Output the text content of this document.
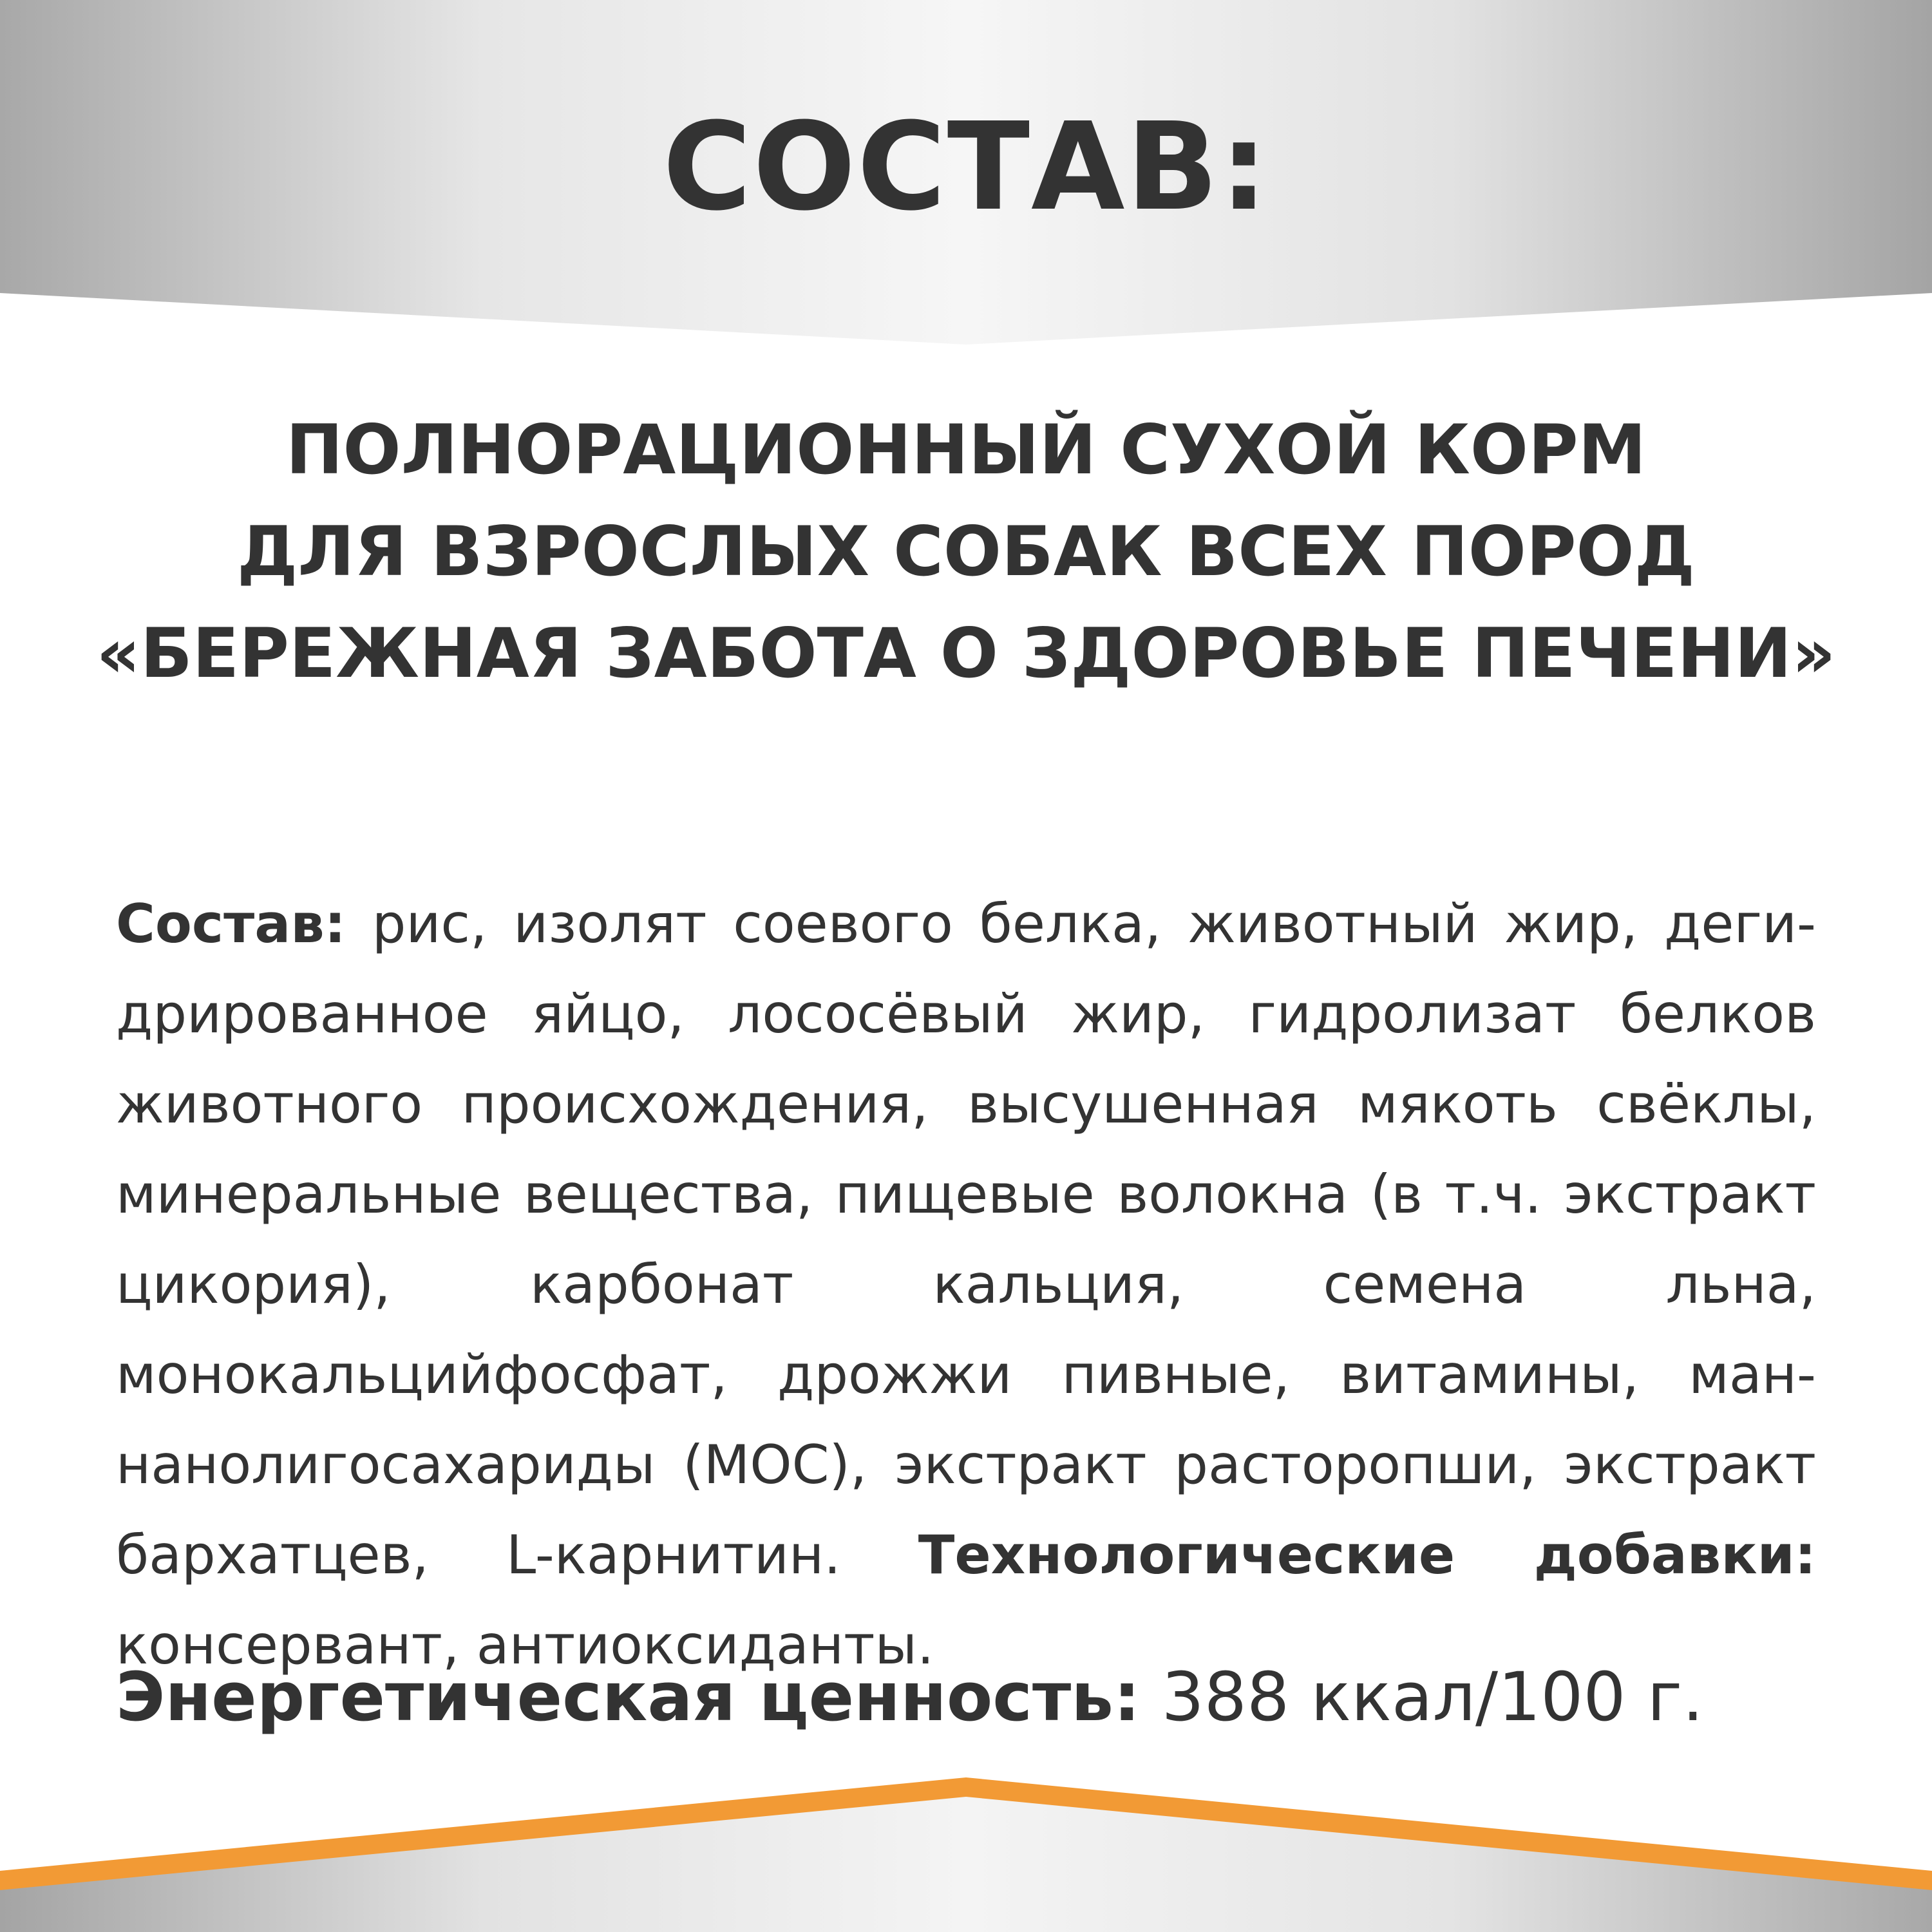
СОСТАВ:
ПОЛНОРАЦИОННЫЙ СУХОЙ КОРМ
ДЛЯ ВЗРОСЛЫХ СОБАК ВСЕХ ПОРОД
«БЕРЕЖНАЯ ЗАБОТА О ЗДОРОВЬЕ ПЕЧЕНИ»
Состав: рис, изолят соевого белка, животный жир, дегидрированное яйцо, лососёвый жир, гидролизат белков животного происхождения, высушенная мякоть свёклы, минеральные вещества, пищевые волокна (в т.ч. экстракт цикория), карбонат кальция, семена льна, монокальцийфосфат, дрожжи пивные, витамины, маннанолигосахариды (МОС), экстракт расторопши, экстракт бархатцев, L-карнитин. Технологические добавки: консервант, антиоксиданты.
Энергетическая ценность: 388 ккал/100 г.
